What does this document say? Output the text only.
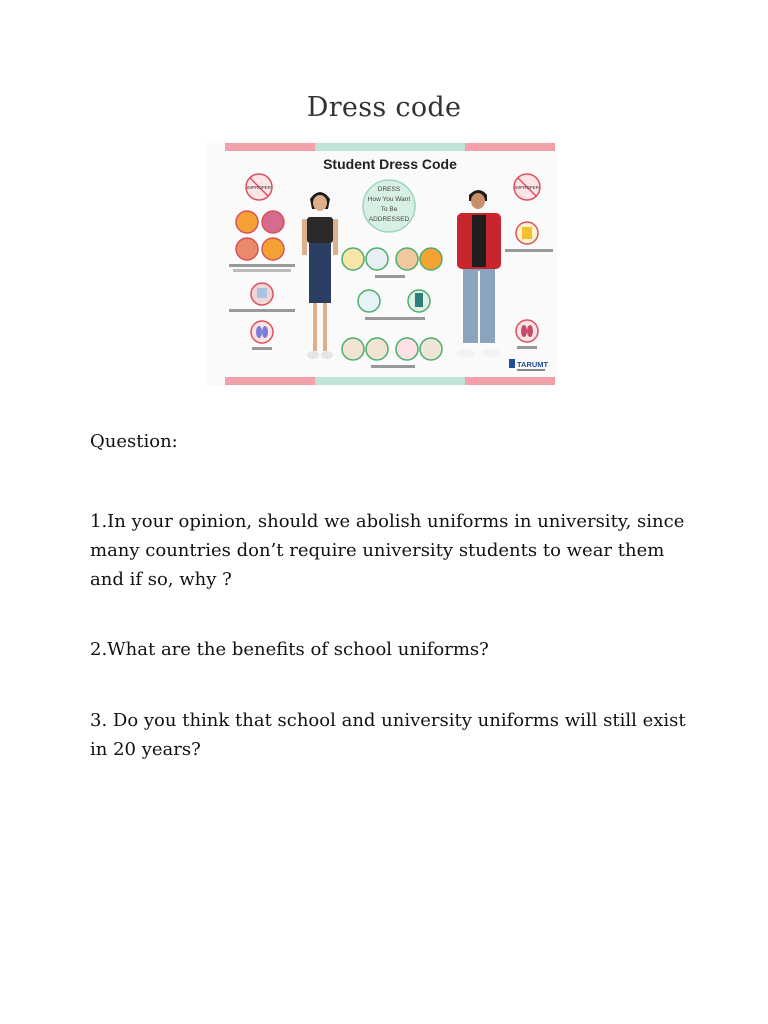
Dress code
Student Dress Code
DRESS
How You Want
To Be
ADDRESSED
IMPROPER	IMPROPER
TARUMT
Question:
1.In your opinion, should we abolish uniforms in university, since many countries don’t require university students to wear them and if so, why ?
2.What are the benefits of school uniforms?
3. Do you think that school and university uniforms will still exist in 20 years?
